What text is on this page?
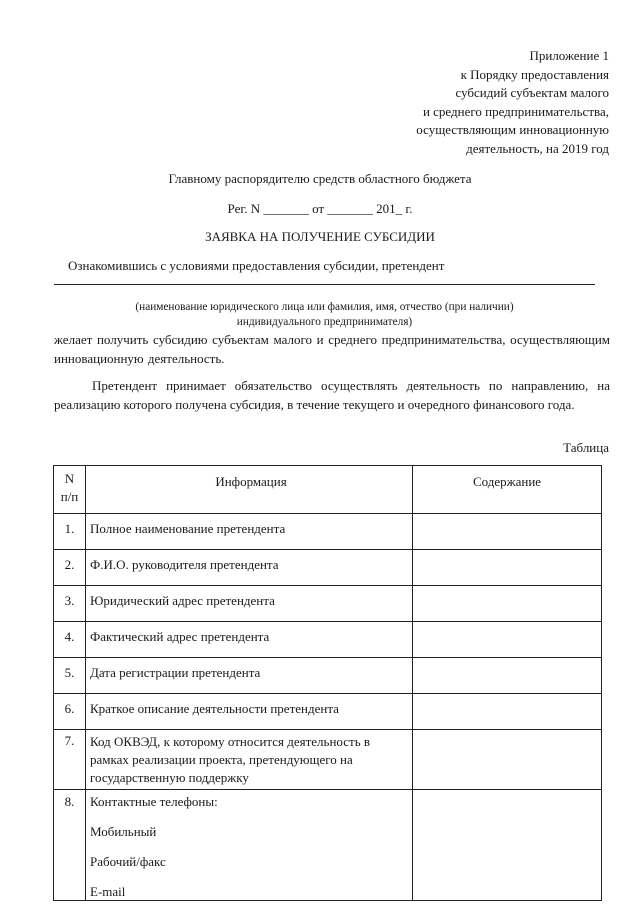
Приложение 1
к Порядку предоставления
субсидий субъектам малого
и среднего предпринимательства,
осуществляющим инновационную
деятельность, на 2019 год
Главному распорядителю средств областного бюджета
Рег. N _______ от _______ 201_ г.
ЗАЯВКА НА ПОЛУЧЕНИЕ СУБСИДИИ
Ознакомившись с условиями предоставления субсидии, претендент
(наименование юридического лица или фамилия, имя, отчество (при наличии)
индивидуального предпринимателя)
желает получить субсидию субъектам малого и среднего предпринимательства, осуществляющим инновационную деятельность.
Претендент принимает обязательство осуществлять деятельность по направлению, на реализацию которого получена субсидия, в течение текущего и очередного финансового года.
Таблица
N
п/п	Информация	Содержание
1.	Полное наименование претендента	
2.	Ф.И.О. руководителя претендента	
3.	Юридический адрес претендента	
4.	Фактический адрес претендента	
5.	Дата регистрации претендента	
6.	Краткое описание деятельности претендента	
7.	Код ОКВЭД, к которому относится деятельность в рамках реализации проекта, претендующего на государственную поддержку	
8.	Контактные телефоны:
Мобильный
Рабочий/факс
E-mail	
